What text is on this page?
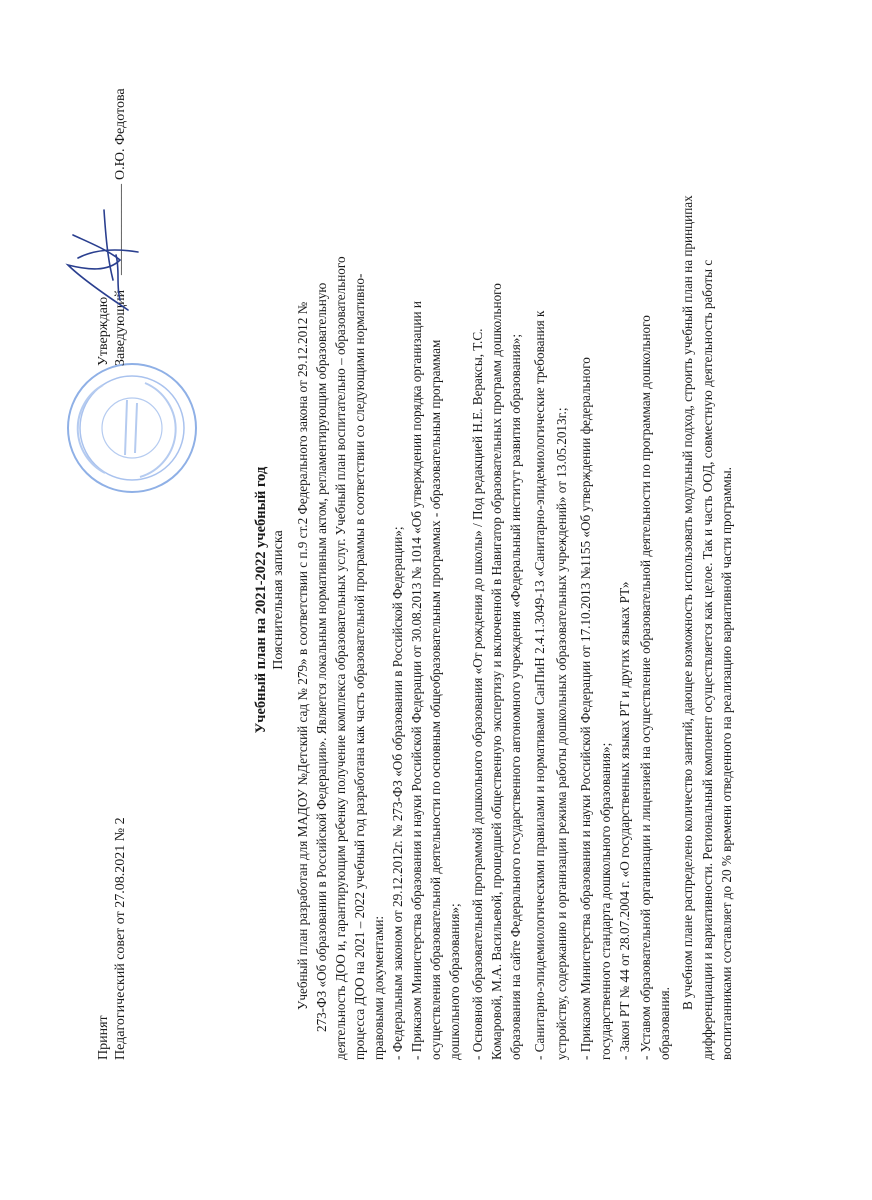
Принят Педагогический совет от 27.08.2021 № 2
Утверждаю Заведующий
_____________
О.Ю. Федотова
Учебный план на 2021-2022 учебный год Пояснительная записка Учебный план разработан для МАДОУ №Детский сад № 279» в соответствии с п.9 ст.2 Федерального закона от 29.12.2012 № 273-ФЗ «Об образовании в Российской Федерации». Является локальным нормативным актом, регламентирующим образовательную деятельность ДОО и, гарантирующим ребенку получение комплекса образовательных услуг. Учебный план воспитательно – образовательного процесса ДОО на 2021 – 2022 учебный год разработана как часть образовательной программы в соответствии со следующими нормативно- правовыми документами: - Федеральным законом от 29.12.2012г. № 273-ФЗ «Об образовании в Российской Федерации»; - Приказом Министерства образования и науки Российской Федерации от 30.08.2013 № 1014 «Об утверждении порядка организации и осуществления образовательной деятельности по основным общеобразовательным программах - образовательным программам дошкольного образования»; - Основной образовательной программой дошкольного образования «От рождения до школы» / Под редакцией Н.Е. Вераксы, Т.С. Комаровой, М.А. Васильевой, прошедшей общественную экспертизу и включенной в Навигатор образовательных программ дошкольного образования на сайте Федерального государственного автономного учреждения «Федеральный институт развития образования»; - Санитарно-эпидемиологическими правилами и нормативами СанПиН 2.4.1.3049-13 «Санитарно-эпидемиологические требования к устройству, содержанию и организации режима работы дошкольных образовательных учреждений» от 13.05.2013г.; - Приказом Министерства образования и науки Российской Федерации от 17.10.2013 №1155 «Об утверждении федерального государственного стандарта дошкольного образования»; - Закон РТ № 44 от 28.07.2004 г. «О государственных языках РТ и других языках РТ» - Уставом образовательной организации и лицензией на осуществление образовательной деятельности по программам дошкольного образования.
В учебном плане распределено количество занятий, дающее возможность использовать модульный подход, строить учебный план на принципах дифференциации и вариативности. Региональный компонент осуществляется как целое. Так и часть ООД, совместную деятельность работы с воспитанниками составляет до 20 % времени отведенного на реализацию вариативной части программы.
